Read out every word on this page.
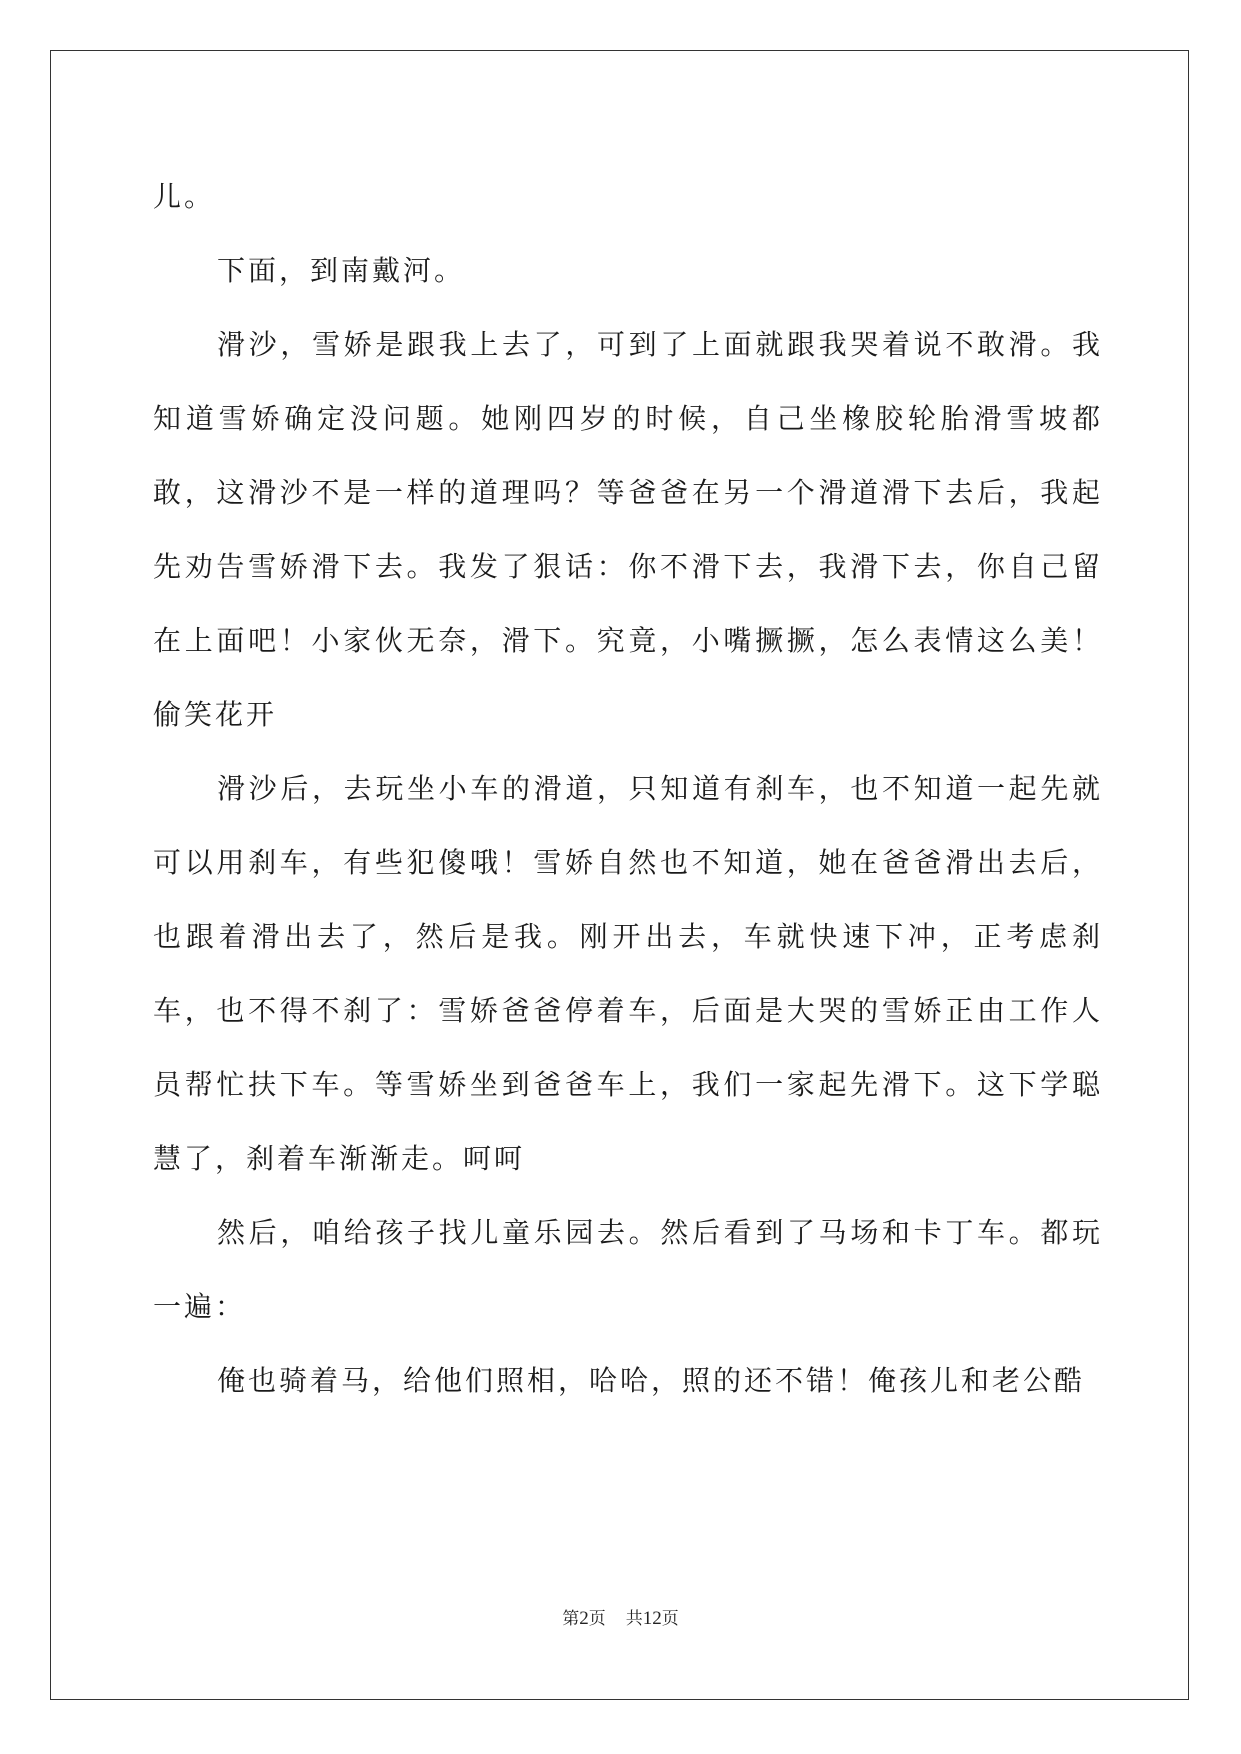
儿。

下面，到南戴河。

滑沙，雪娇是跟我上去了，可到了上面就跟我哭着说不敢滑。我知道雪娇确定没问题。她刚四岁的时候，自己坐橡胶轮胎滑雪坡都敢，这滑沙不是一样的道理吗？等爸爸在另一个滑道滑下去后，我起先劝告雪娇滑下去。我发了狠话：你不滑下去，我滑下去，你自己留在上面吧！小家伙无奈，滑下。究竟，小嘴撅撅，怎么表情这么美！ 偷笑花开

滑沙后，去玩坐小车的滑道，只知道有刹车，也不知道一起先就可以用刹车，有些犯傻哦！雪娇自然也不知道，她在爸爸滑出去后，也跟着滑出去了，然后是我。刚开出去，车就快速下冲，正考虑刹车，也不得不刹了：雪娇爸爸停着车，后面是大哭的雪娇正由工作人员帮忙扶下车。等雪娇坐到爸爸车上，我们一家起先滑下。这下学聪慧了，刹着车渐渐走。呵呵

然后，咱给孩子找儿童乐园去。然后看到了马场和卡丁车。都玩一遍：

俺也骑着马，给他们照相，哈哈，照的还不错！俺孩儿和老公酷

第2页 共12页
